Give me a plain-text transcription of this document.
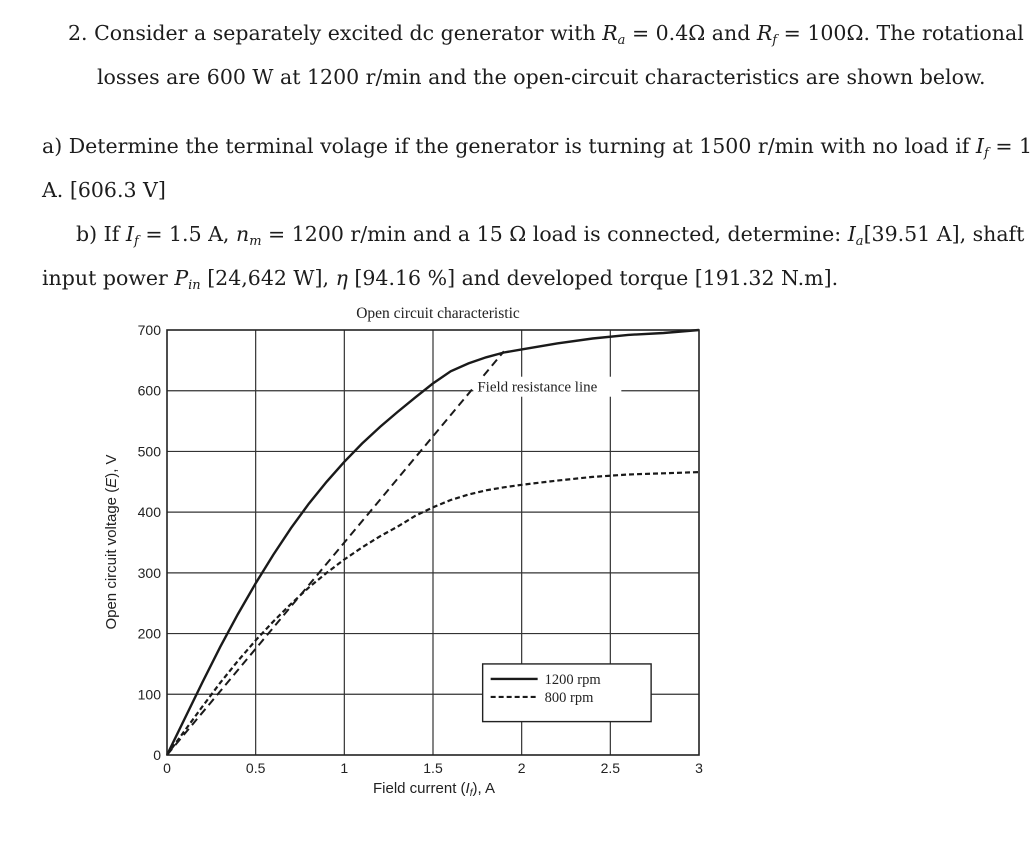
2. Consider a separately excited dc generator with $R_a = 0.4\Omega$ and $R_f = 100\Omega$. The rotational
losses are 600 W at 1200 r/min and the open-circuit characteristics are shown below.
a) Determine the terminal volage if the generator is turning at 1500 r/min with no load if $I_f = 1$
A. [606.3 V]
b) If $I_f = 1.5$ A, $n_m = 1200$ r/min and a 15 Ω load is connected, determine: $I_a[39.51$ A], shaft
input power $P_{in}$ [24,642 W], η [94.16 %] and developed torque [191.32 N.m].
0	0.5	1	1.5	2	2.5	3
0
100
200
300
400
500
600
700
Open circuit characteristic
Field current $(I_f)$, A
Open circuit voltage (E), V
Field resistance line
1200 rpm
800 rpm
